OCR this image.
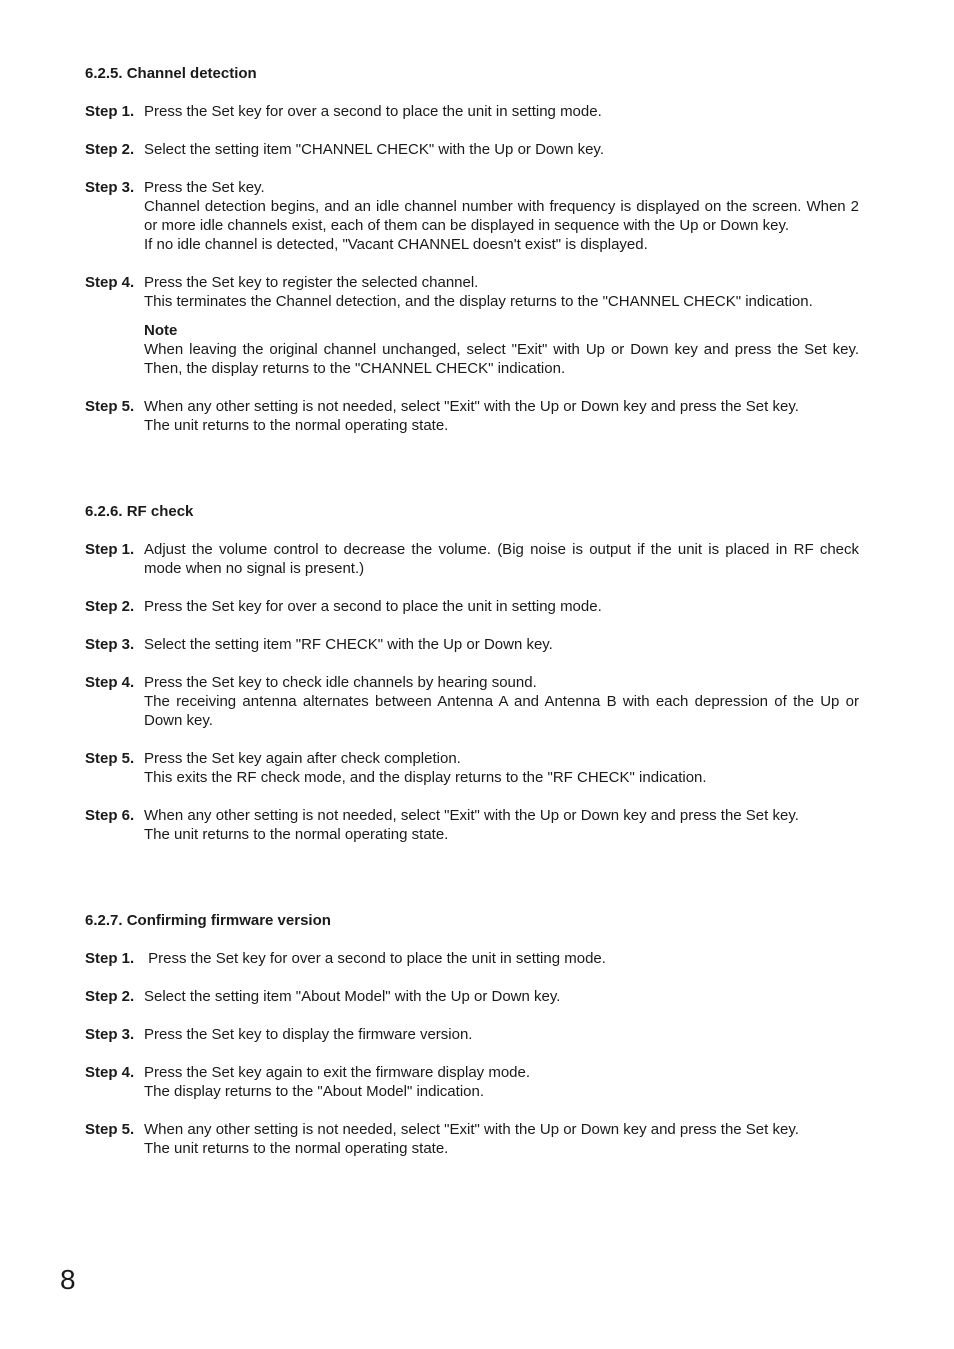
6.2.5. Channel detection

Step 1. Press the Set key for over a second to place the unit in setting mode.

Step 2. Select the setting item "CHANNEL CHECK" with the Up or Down key.

Step 3. Press the Set key.

Channel detection begins, and an idle channel number with frequency is displayed on the screen. When 2 or more idle channels exist, each of them can be displayed in sequence with the Up or Down key.

If no idle channel is detected, "Vacant CHANNEL doesn't exist" is displayed.

Step 4. Press the Set key to register the selected channel.

This terminates the Channel detection, and the display returns to the "CHANNEL CHECK" indication.

Note

When leaving the original channel unchanged, select "Exit" with Up or Down key and press the Set key. Then, the display returns to the "CHANNEL CHECK" indication.

Step 5. When any other setting is not needed, select "Exit" with the Up or Down key and press the Set key.

The unit returns to the normal operating state.

6.2.6. RF check

Step 1. Adjust the volume control to decrease the volume. (Big noise is output if the unit is placed in RF check mode when no signal is present.)

Step 2. Press the Set key for over a second to place the unit in setting mode.

Step 3. Select the setting item "RF CHECK" with the Up or Down key.

Step 4. Press the Set key to check idle channels by hearing sound.

The receiving antenna alternates between Antenna A and Antenna B with each depression of the Up or Down key.

Step 5. Press the Set key again after check completion.

This exits the RF check mode, and the display returns to the "RF CHECK" indication.

Step 6. When any other setting is not needed, select "Exit" with the Up or Down key and press the Set key.

The unit returns to the normal operating state.

6.2.7. Confirming firmware version

Step 1. Press the Set key for over a second to place the unit in setting mode.

Step 2. Select the setting item "About Model" with the Up or Down key.

Step 3. Press the Set key to display the firmware version.

Step 4. Press the Set key again to exit the firmware display mode.

The display returns to the "About Model" indication.

Step 5. When any other setting is not needed, select "Exit" with the Up or Down key and press the Set key.

The unit returns to the normal operating state.

8
